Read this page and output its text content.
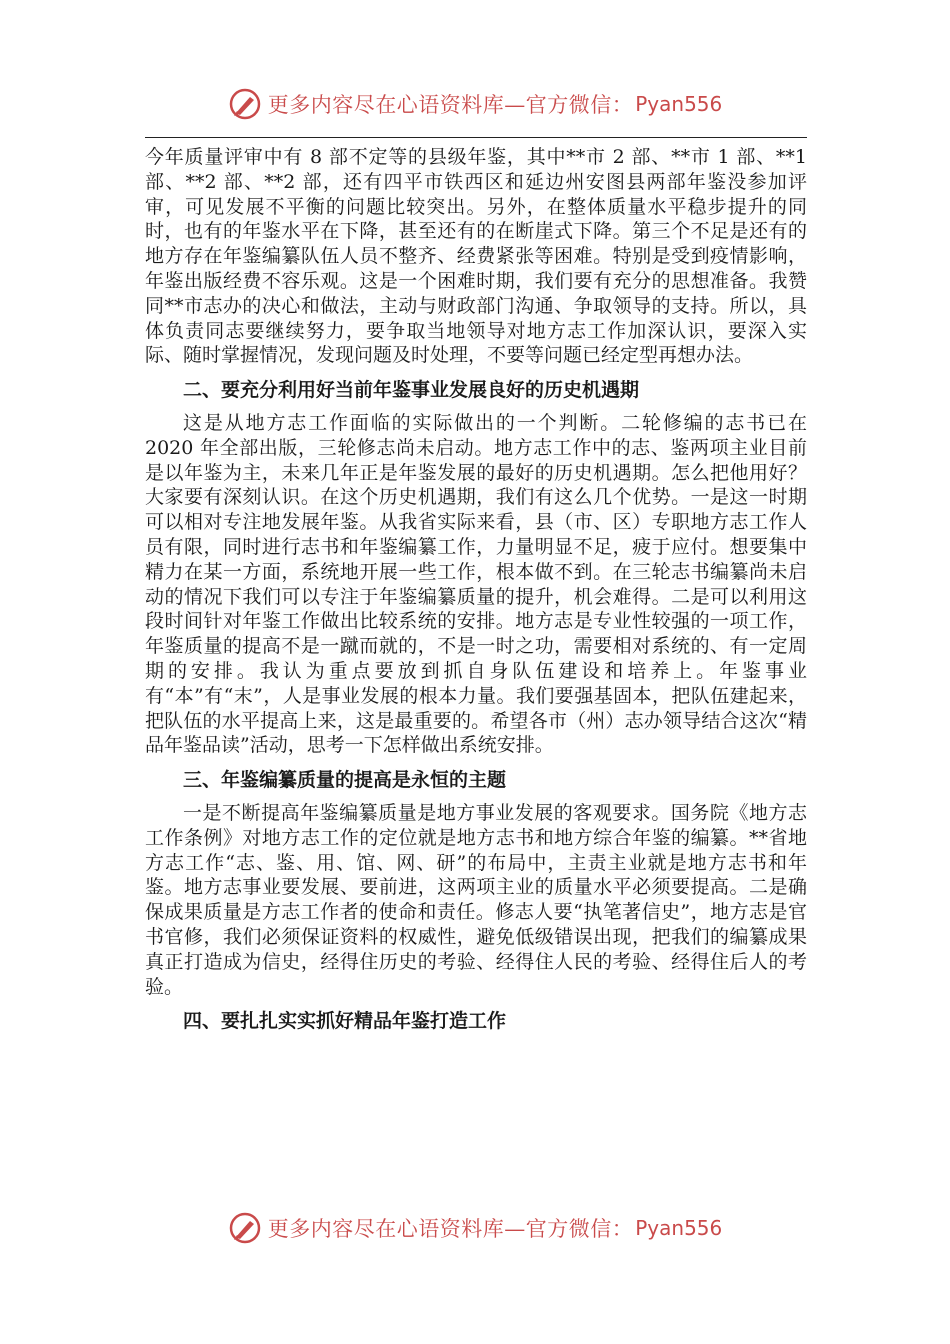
更多内容尽在心语资料库—官方微信： Pyan556

今年质量评审中有 8 部不定等的县级年鉴，其中**市 2 部、**市 1 部、**1 部、**2 部、**2 部，还有四平市铁西区和延边州安图县两部年鉴没参加评审，可见发展不平衡的问题比较突出。另外，在整体质量水平稳步提升的同时，也有的年鉴水平在下降，甚至还有的在断崖式下降。第三个不足是还有的地方存在年鉴编纂队伍人员不整齐、经费紧张等困难。特别是受到疫情影响，年鉴出版经费不容乐观。这是一个困难时期，我们要有充分的思想准备。我赞同**市志办的决心和做法，主动与财政部门沟通、争取领导的支持。所以，具体负责同志要继续努力，要争取当地领导对地方志工作加深认识，要深入实际、随时掌握情况，发现问题及时处理，不要等问题已经定型再想办法。

二、要充分利用好当前年鉴事业发展良好的历史机遇期

这是从地方志工作面临的实际做出的一个判断。二轮修编的志书已在 2020 年全部出版，三轮修志尚未启动。地方志工作中的志、鉴两项主业目前是以年鉴为主，未来几年正是年鉴发展的最好的历史机遇期。怎么把他用好？大家要有深刻认识。在这个历史机遇期，我们有这么几个优势。一是这一时期可以相对专注地发展年鉴。从我省实际来看，县（市、区）专职地方志工作人员有限，同时进行志书和年鉴编纂工作，力量明显不足，疲于应付。想要集中精力在某一方面，系统地开展一些工作，根本做不到。在三轮志书编纂尚未启动的情况下我们可以专注于年鉴编纂质量的提升，机会难得。二是可以利用这段时间针对年鉴工作做出比较系统的安排。地方志是专业性较强的一项工作，年鉴质量的提高不是一蹴而就的，不是一时之功，需要相对系统的、有一定周期的安排。我认为重点要放到抓自身队伍建设和培养上。年鉴事业有“本”有“末”，人是事业发展的根本力量。我们要强基固本，把队伍建起来，把队伍的水平提高上来，这是最重要的。希望各市（州）志办领导结合这次“精品年鉴品读”活动，思考一下怎样做出系统安排。

三、年鉴编纂质量的提高是永恒的主题

一是不断提高年鉴编纂质量是地方事业发展的客观要求。国务院《地方志工作条例》对地方志工作的定位就是地方志书和地方综合年鉴的编纂。**省地方志工作“志、鉴、用、馆、网、研”的布局中，主责主业就是地方志书和年鉴。地方志事业要发展、要前进，这两项主业的质量水平必须要提高。二是确保成果质量是方志工作者的使命和责任。修志人要“执笔著信史”，地方志是官书官修，我们必须保证资料的权威性，避免低级错误出现，把我们的编纂成果真正打造成为信史，经得住历史的考验、经得住人民的考验、经得住后人的考验。

四、要扎扎实实抓好精品年鉴打造工作
更多内容尽在心语资料库—官方微信： Pyan556
